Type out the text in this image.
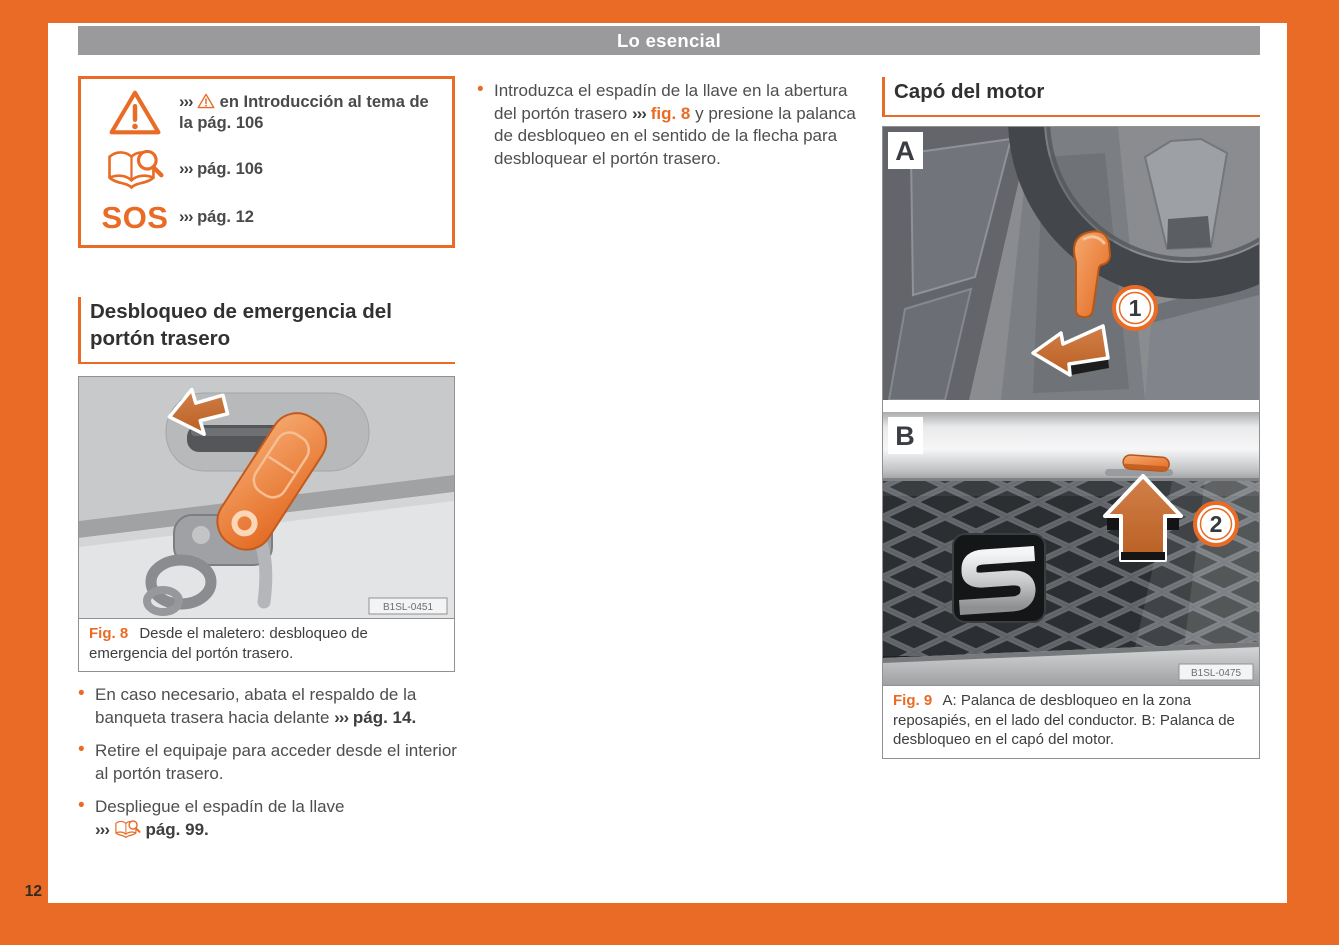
Lo esencial
››› en Introducción al tema de la pág. 106
››› pág. 106
SOS ››› pág. 12
Desbloqueo de emergencia del portón trasero
B1SL-0451
Fig. 8 Desde el maletero: desbloqueo de emergencia del portón trasero.
• En caso necesario, abata el respaldo de la banqueta trasera hacia delante ››› pág. 14.
• Retire el equipaje para acceder desde el interior al portón trasero.
• Despliegue el espadín de la llave ››› pág. 99.
• Introduzca el espadín de la llave en la abertura del portón trasero ››› fig. 8 y presione la palanca de desbloqueo en el sentido de la flecha para desbloquear el portón trasero.
Capó del motor
1
A
2
B
B1SL-0475
Fig. 9 A: Palanca de desbloqueo en la zona reposapiés, en el lado del conductor. B: Palanca de desbloqueo en el capó del motor.
12
